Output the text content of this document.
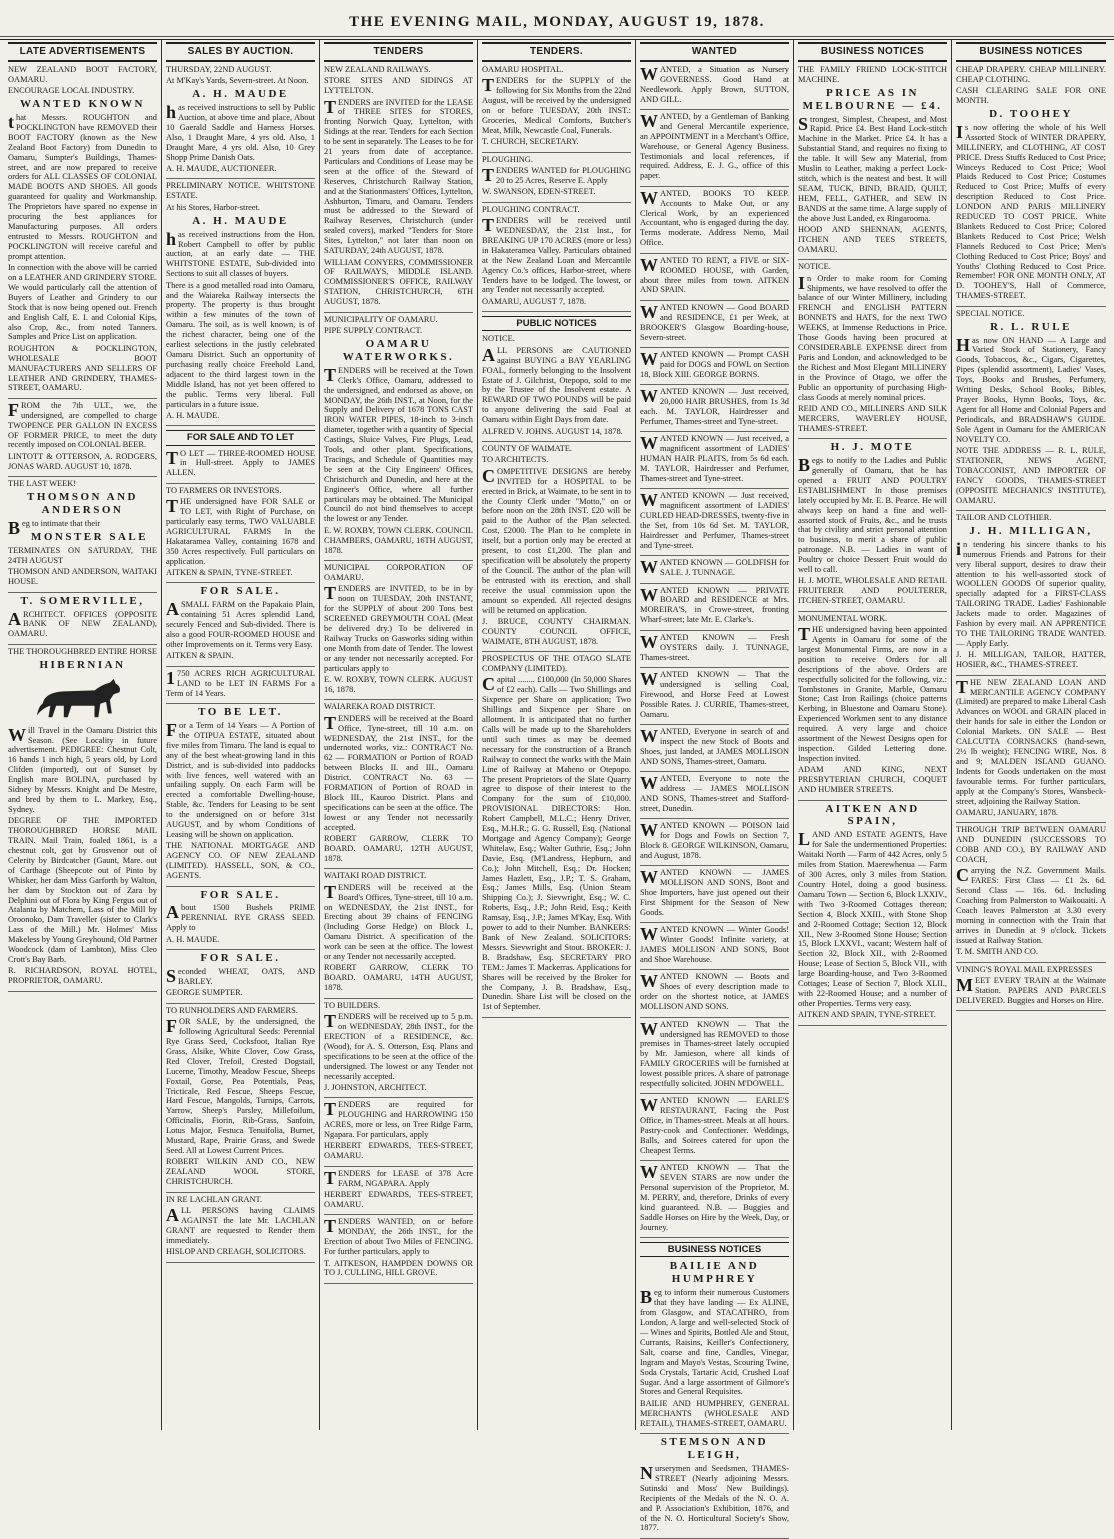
THE EVENING MAIL, MONDAY, AUGUST 19, 1878.
LATE ADVERTISEMENTS

NEW ZEALAND BOOT FACTORY, OAMARU.

ENCOURAGE LOCAL INDUSTRY.

WANTED KNOWN

that Messrs. ROUGHTON and POCKLINGTON have REMOVED their BOOT FACTORY (known as the New Zealand Boot Factory) from Dunedin to Oamaru, Sumpter's Buildings, Thames-street, and are now prepared to receive orders for ALL CLASSES OF COLONIAL MADE BOOTS AND SHOES. All goods guaranteed for quality and Workmanship. The Proprietors have spared no expense in procuring the best appliances for Manufacturing purposes. All orders entrusted to Messrs. ROUGHTON and POCKLINGTON will receive careful and prompt attention.

In connection with the above will be carried on a LEATHER AND GRINDERY STORE. We would particularly call the attention of Buyers of Leather and Grindery to our Stock that is now being opened out. French and English Calf, E. I. and Colonial Kips, also Crop, &c., from noted Tanners. Samples and Price List on application.

ROUGHTON & POCKLINGTON, WHOLESALE BOOT MANUFACTURERS AND SELLERS OF LEATHER AND GRINDERY, THAMES-STREET, OAMARU.

FROM the 7th ULT., we, the undersigned, are compelled to charge TWOPENCE PER GALLON IN EXCESS OF FORMER PRICE, to meet the duty recently imposed on COLONIAL BEER.

LINTOTT & OTTERSON, A. RODGERS, JONAS WARD. AUGUST 10, 1878.

THE LAST WEEK!

THOMSON AND ANDERSON

Beg to intimate that their

MONSTER SALE

TERMINATES ON SATURDAY, THE 24TH AUGUST

THOMSON AND ANDERSON, WAITAKI HOUSE.

T. SOMERVILLE,

ARCHITECT. OFFICES (OPPOSITE BANK OF NEW ZEALAND), OAMARU.

THE THOROUGHBRED ENTIRE HORSE

HIBERNIAN

Will Travel in the Oamaru District this Season. (See Locality in future advertisement. PEDIGREE: Chestnut Colt, 16 hands 1 inch high, 5 years old, by Lord Clifden (imported), out of Sunset by English mare BOLINA, purchased by Sidney by Messrs. Knight and De Mestre, and bred by them to L. Markey, Esq., Sydney.

DEGREE OF THE IMPORTED THOROUGHBRED HORSE MAIL TRAIN. Mail Train, foaled 1861, is a chestnut colt, got by Grosvenor out of Celerity by Birdcatcher (Gaunt, Mare. out of Carthage (Sheepcote out of Pinto by Whisker, her dam Miss Garforth by Walton, her dam by Stockton out of Zara by Delphini out of Flora by King Fergus out of Atalanta by Matchem, Lass of the Mill by Oroonoko, Dam Traveller (sister to Clark's Lass of the Mill.) Mr. Holmes' Miss Makeless by Young Greyhound, Old Partner Woodcock (dam of Lambton), Miss Cleo Crott's Bay Barb.

R. RICHARDSON, ROYAL HOTEL, PROPRIETOR, OAMARU.

SALES BY AUCTION.

THURSDAY, 22ND AUGUST.

At M'Kay's Yards, Severn-street. At Noon.

A. H. MAUDE

has received instructions to sell by Public Auction, at above time and place, About 10 Gaerald Saddle and Harness Horses. Also, 1 Draught Mare, 4 yrs old. Also, 1 Draught Mare, 4 yrs old. Also, 10 Grey Shopp Prime Danish Oats.

A. H. MAUDE, AUCTIONEER.

PRELIMINARY NOTICE. WHITSTONE ESTATE.

At his Stores, Harbor-street.

A. H. MAUDE

has received instructions from the Hon. Robert Campbell to offer by public auction, at an early date — THE WHITSTONE ESTATE, Sub-divided into Sections to suit all classes of buyers.

There is a good metalled road into Oamaru, and the Waiareka Railway intersects the property. The property is thus brought within a few minutes of the town of Oamaru. The soil, as is well known, is of the richest character, being one of the earliest selections in the justly celebrated Oamaru District. Such an opportunity of purchasing really choice Freehold Land, adjacent to the third largest town in the Middle Island, has not yet been offered to the public. Terms very liberal. Full particulars in a future issue.

A. H. MAUDE.

FOR SALE AND TO LET

TO LET — THREE-ROOMED HOUSE in Hull-street. Apply to JAMES ALLEN.

TO FARMERS OR INVESTORS.

THE undersigned have FOR SALE or TO LET, with Right of Purchase, on particularly easy terms, TWO VALUABLE AGRICULTURAL FARMS In the Hakataramea Valley, containing 1678 and 350 Acres respectively. Full particulars on application.

AITKEN & SPAIN, TYNE-STREET.

FOR SALE.

ASMALL FARM on the Papakaio Plain, containing 51 Acres splendid Land, securely Fenced and Sub-divided. There is also a good FOUR-ROOMED HOUSE and other Improvements on it. Terms very Easy.

AITKEN & SPAIN.

1750 ACRES RICH AGRICULTURAL LAND to be LET IN FARMS For a Term of 14 Years.

TO BE LET.

For a Term of 14 Years — A Portion of the OTIPUA ESTATE, situated about five miles from Timaru. The land is equal to any of the best wheat-growing land in this District, and is sub-divided into paddocks with live fences, well watered with an unfailing supply. On each Farm will be erected a comfortable Dwelling-house, Stable, &c. Tenders for Leasing to be sent to the undersigned on or before 31st AUGUST, and by whom Conditions of Leasing will be shown on application.

THE NATIONAL MORTGAGE AND AGENCY CO. OF NEW ZEALAND (LIMITED). HASSELL, SON, & CO., AGENTS.

FOR SALE.

About 1500 Bushels PRIME PERENNIAL RYE GRASS SEED. Apply to

A. H. MAUDE.

FOR SALE.

Seconded WHEAT, OATS, AND BARLEY.

GEORGE SUMPTER.

TO RUNHOLDERS AND FARMERS.

FOR SALE, by the undersigned, the following Agricultural Seeds: Perennial Rye Grass Seed, Cocksfoot, Italian Rye Grass, Alsike, White Clover, Cow Grass, Red Clover, Trefoil, Crested Dogstail, Lucerne, Timothy, Meadow Fescue, Sheeps Foxtail, Gorse, Pea Potentials, Peas, Tricticale, Red Fescue, Sheeps Fescue, Hard Fescue, Mangolds, Turnips, Carrots, Yarrow, Sheep's Parsley, Millefoilum, Officinalis, Fiorin, Rib-Grass, Sanfoin, Lotus Major, Festuca Tenuifolia, Burnet, Mustard, Rape, Prairie Grass, and Swede Seed. All at Lowest Current Prices.

ROBERT WILKIN AND CO., NEW ZEALAND WOOL STORE, CHRISTCHURCH.

IN RE LACHLAN GRANT.

ALL PERSONS having CLAIMS AGAINST the late Mr. LACHLAN GRANT are requested to Render them immediately.

HISLOP AND CREAGH, SOLICITORS.

TENDERS

NEW ZEALAND RAILWAYS.

STORE SITES AND SIDINGS AT LYTTELTON.

TENDERS are INVITED for the LEASE of THREE SITES for STORES, fronting Norwich Quay, Lyttelton, with Sidings at the rear. Tenders for each Section to be sent in separately. The Leases to be for 21 years from date of acceptance. Particulars and Conditions of Lease may be seen at the office of the Steward of Reserves, Christchurch Railway Station, and at the Stationmasters' Offices, Lyttelton, Ashburton, Timaru, and Oamaru. Tenders must be addressed to the Steward of Railway Reserves, Christchurch (under sealed covers), marked "Tenders for Store Sites, Lyttelton," not later than noon on SATURDAY, 24th AUGUST, 1878.

WILLIAM CONYERS, COMMISSIONER OF RAILWAYS, MIDDLE ISLAND. COMMISSIONER'S OFFICE, RAILWAY STATION, CHRISTCHURCH, 6TH AUGUST, 1878.

MUNICIPALITY OF OAMARU.

PIPE SUPPLY CONTRACT.

OAMARU WATERWORKS.

TENDERS will be received at the Town Clerk's Office, Oamaru, addressed to the undersigned, and endorsed as above, on MONDAY, the 26th INST., at Noon, for the Supply and Delivery of 1678 TONS CAST IRON WATER PIPES, 18-inch to 3-inch diameter, together with a quantity of Special Castings, Sluice Valves, Fire Plugs, Lead, Tools, and other plant. Specifications, Tracings, and Schedule of Quantities may be seen at the City Engineers' Offices, Christchurch and Dunedin, and here at the Engineer's Office, where all further particulars may be obtained. The Municipal Council do not bind themselves to accept the lowest or any Tender.

E. W. ROXBY, TOWN CLERK. COUNCIL CHAMBERS, OAMARU, 16TH AUGUST, 1878.

MUNICIPAL CORPORATION OF OAMARU.

TENDERS are INVITED, to be in by noon on TUESDAY, 20th INSTANT, for the SUPPLY of about 200 Tons best SCREENED GREYMOUTH COAL (Meat be delivered dry.) To be delivered in Railway Trucks on Gasworks siding within one Month from date of Tender. The lowest or any tender not necessarily accepted. For particulars apply to

E. W. ROXBY, TOWN CLERK. AUGUST 16, 1878.

WAIAREKA ROAD DISTRICT.

TENDERS will be received at the Board Office, Tyne-street, till 10 a.m. on WEDNESDAY, the 21st INST., for the undernoted works, viz.: CONTRACT No. 62 — FORMATION or Portion of ROAD between Blocks II. and III., Oamaru District. CONTRACT No. 63 — FORMATION of Portion of ROAD in Block III., Kauroo District. Plans and specifications can be seen at the office. The lowest or any Tender not necessarily accepted.

ROBERT GARROW, CLERK TO BOARD. OAMARU, 12TH AUGUST, 1878.

WAITAKI ROAD DISTRICT.

TENDERS will be received at the Board's Offices, Tyne-street, till 10 a.m. on WEDNESDAY, the 21st INST., for Erecting about 39 chains of FENCING (Including Gorse Hedge) on Block I., Oamaru District. A specification of the work can be seen at the office. The lowest or any Tender not necessarily accepted.

ROBERT GARROW, CLERK TO BOARD. OAMARU, 14TH AUGUST, 1878.

TO BUILDERS.

TENDERS will be received up to 5 p.m. on WEDNESDAY, 28th INST., for the ERECTION of a RESIDENCE, &c. (Wood), for A. S. Otterson, Esq. Plans and specifications to be seen at the office of the undersigned. The lowest or any Tender not necessarily accepted.

J. JOHNSTON, ARCHITECT.

TENDERS are required for PLOUGHING and HARROWING 150 ACRES, more or less, on Tree Ridge Farm, Ngapara. For particulars, apply

HERBERT EDWARDS, TEES-STREET, OAMARU.

TENDERS for LEASE of 378 Acre FARM, NGAPARA. Apply

HERBERT EDWARDS, TEES-STREET, OAMARU.

TENDERS WANTED, on or before MONDAY, the 26th INST., for the Erection of about Two Miles of FENCING. For further particulars, apply to

T. AITKESON, HAMPDEN DOWNS OR TO J. CULLING, HILL GROVE.

TENDERS.

OAMARU HOSPITAL.

TENDERS for the SUPPLY of the following for Six Months from the 22nd August, will be received by the undersigned on or before TUESDAY, 20th INST.: Groceries, Medical Comforts, Butcher's Meat, Milk, Newcastle Coal, Funerals.

T. CHURCH, SECRETARY.

PLOUGHING.

TENDERS WANTED for PLOUGHING 20 to 25 Acres, Reserve E. Apply

W. SWANSON, EDEN-STREET.

PLOUGHING CONTRACT.

TENDERS will be received until WEDNESDAY, the 21st Inst., for BREAKING UP 170 ACRES (more or less) in Hakateramea Valley. Particulars obtained at the New Zealand Loan and Mercantile Agency Co.'s offices, Harbor-street, where Tenders have to be lodged. The lowest, or any Tender not necessarily accepted.

OAMARU, AUGUST 7, 1878.

PUBLIC NOTICES

NOTICE.

ALL PERSONS are CAUTIONED against BUYING a BAY YEARLING FOAL, formerly belonging to the Insolvent Estate of J. Gilchrist, Otepopo, sold to me by the Trustee of the Insolvent estate. A REWARD OF TWO POUNDS will be paid to anyone delivering the said Foal at Oamaru within Eight Days from date.

ALFRED V. JOHNS. AUGUST 14, 1878.

COUNTY OF WAIMATE.

TO ARCHITECTS.

COMPETITIVE DESIGNS are hereby INVITED for a HOSPITAL to be erected in Brick, at Waimate, to be sent in to the County Clerk under "Motto," on or before noon on the 28th INST. £20 will be paid to the Author of the Plan selected. Cost, £2000. The Plan to be complete in itself, but a portion only may be erected at present, to cost £1,200. The plan and specification will be absolutely the property of the Council. The author of the plan will be entrusted with its erection, and shall receive the usual commission upon the amount so expended. All rejected designs will be returned on application.

J. BRUCE, COUNTY CHAIRMAN. COUNTY COUNCIL OFFICE, WAIMATE, 8TH AUGUST, 1878.

PROSPECTUS OF THE OTAGO SLATE COMPANY (LIMITED).

Capital ........ £100,000 (In 50,000 Shares of £2 each). Calls — Two Shillings and Sixpence per Share on application; Two Shillings and Sixpence per Share on allotment. It is anticipated that no further Calls will be made up to the Shareholders until such times as may be deemed necessary for the construction of a Branch Railway to connect the works with the Main Line of Railway at Maheno or Otepopo. The present Proprietors of the Slate Quarry agree to dispose of their interest to the Company for the sum of £10,000. PROVISIONAL DIRECTORS: Hon. Robert Campbell, M.L.C.; Henry Driver, Esq., M.H.R.; G. G. Russell, Esq. (National Mortgage and Agency Company); George Whitelaw, Esq.; Walter Guthrie, Esq.; John Davie, Esq. (M'Landress, Hepburn, and Co.); John Mitchell, Esq.; Dr. Hocken; James Hazlett, Esq., J.P.; T. S. Graham, Esq.; James Mills, Esq. (Union Steam Shipping Co.); J. Sievwright, Esq.; W. C. Roberts, Esq., J.P.; John Reid, Esq.; Keith Ramsay, Esq., J.P.; James M'Kay, Esq. With power to add to their Number. BANKERS: Bank of New Zealand. SOLICITORS: Messrs. Sievwright and Stout. BROKER: J. B. Bradshaw, Esq. SECRETARY PRO TEM.: James T. Mackerras. Applications for Shares will be received by the Broker for the Company, J. B. Bradshaw, Esq., Dunedin. Share List will be closed on the 1st of September.

WANTED

WANTED, a Situation as Nursery GOVERNESS. Good Hand at Needlework. Apply Brown, SUTTON, AND GILL.

WANTED, by a Gentleman of Banking and General Mercantile experience, an APPOINTMENT in a Merchant's Office, Warehouse, or General Agency Business. Testimonials and local references, if required. Address, E. J. G., office of this paper.

WANTED, BOOKS TO KEEP. Accounts to Make Out, or any Clerical Work, by an experienced Accountant, who is engaged during the day. Terms moderate. Address Nemo, Mail Office.

WANTED TO RENT, a FIVE or SIX-ROOMED HOUSE, with Garden, about three miles from town. AITKEN AND SPAIN.

WANTED KNOWN — Good BOARD and RESIDENCE, £1 per Week, at BROOKER'S Glasgow Boarding-house, Severn-street.

WANTED KNOWN — Prompt CASH paid for DOGS and FOWL on Section 18, Block XIII. GEORGE BORNS.

WANTED KNOWN — Just received, 20,000 HAIR BRUSHES, from 1s 3d each. M. TAYLOR, Hairdresser and Perfumer, Thames-street and Tyne-street.

WANTED KNOWN — Just received, a magnificent assortment of LADIES' HUMAN HAIR PLAITS, from 5s 6d each. M. TAYLOR, Hairdresser and Perfumer, Thames-street and Tyne-street.

WANTED KNOWN — Just received, magnificent assortment of LADIES' CURLED HEAD-DRESSES, twenty-five in the Set, from 10s 6d Set. M. TAYLOR, Hairdresser and Perfumer, Thames-street and Tyne-street.

WANTED KNOWN — GOLDFISH for SALE. J. TUNNAGE.

WANTED KNOWN — PRIVATE BOARD and RESIDENCE at Mrs. MOREIRA'S, in Crowe-street, fronting Wharf-street; late Mr. E. Clarke's.

WANTED KNOWN — Fresh OYSTERS daily. J. TUNNAGE, Thames-street.

WANTED KNOWN — That the undersigned is selling Coal, Firewood, and Horse Feed at Lowest Possible Rates. J. CURRIE, Thames-street, Oamaru.

WANTED, Everyone in search of and inspect the new Stock of Boots and Shoes, just landed, at JAMES MOLLISON AND SONS, Thames-street, Oamaru.

WANTED, Everyone to note the address — JAMES MOLLISON AND SONS, Thames-street and Stafford-street, Dunedin.

WANTED KNOWN — POISON laid for Dogs and Fowls on Section 7, Block 8. GEORGE WILKINSON, Oamaru, and August, 1878.

WANTED KNOWN — JAMES MOLLISON AND SONS, Boot and Shoe Importers, have just opened out their First Shipment for the Season of New Goods.

WANTED KNOWN — Winter Goods! Winter Goods! Infinite variety, at JAMES MOLLISON AND SONS, Boot and Shoe Warehouse.

WANTED KNOWN — Boots and Shoes of every description made to order on the shortest notice, at JAMES MOLLISON AND SONS.

WANTED KNOWN — That the undersigned has REMOVED to those premises in Thames-street lately occupied by Mr. Jamieson, where all kinds of FAMILY GROCERIES will be furnished at lowest possible prices. A share of patronage respectfully solicited. JOHN M'DOWELL.

WANTED KNOWN — EARLE'S RESTAURANT, Facing the Post Office, in Thames-street. Meals at all hours. Pastry-cook and Confectioner. Weddings, Balls, and Soirees catered for upon the Cheapest Terms.

WANTED KNOWN — That the SEVEN STARS are now under the Personal supervision of the Proprietor, M. M. PERRY, and, therefore, Drinks of every kind guaranteed. N.B. — Buggies and Saddle Horses on Hire by the Week, Day, or Journey.

BUSINESS NOTICES
BAILIE AND HUMPHREY

Beg to inform their numerous Customers that they have landing — Ex ALINE, from Glasgow, and STACATHRO, from London, A large and well-selected Stock of — Wines and Spirits, Bottled Ale and Stout, Currants, Raisins, Keiller's Confectionery, Salt, coarse and fine, Candles, Vinegar, Ingram and Mayo's Vestas, Scouring Twine, Soda Crystals, Tartaric Acid, Crushed Loaf Sugar. And a large assortment of Gilmore's Stores and General Requisites.

BAILIE AND HUMPHREY, GENERAL MERCHANTS (WHOLESALE AND RETAIL), THAMES-STREET, OAMARU.

STEMSON AND LEIGH,

Nurserymen and Seedsmen, THAMES-STREET (Nearly adjoining Messrs. Sutinski and Moss' New Buildings). Recipients of the Medals of the N. O. A. and P. Association's Exhibition, 1876, and of the N. O. Horticultural Society's Show, 1877.

BUSINESS NOTICES

THE FAMILY FRIEND LOCK-STITCH MACHINE.

PRICE AS IN MELBOURNE — £4.

Strongest, Simplest, Cheapest, and Most Rapid. Price £4. Best Hand Lock-stitch Machine in the Market. Price £4. It has a Substantial Stand, and requires no fixing to the table. It will Sew any Material, from Muslin to Leather, making a perfect Lock-stitch, which is the neatest and best. It will SEAM, TUCK, BIND, BRAID, QUILT, HEM, FELL, GATHER, and SEW IN BANDS at the same time. A large supply of the above Just Landed, ex Ringarooma.

HOOD AND SHENNAN, AGENTS, ITCHEN AND TEES STREETS, OAMARU.

NOTICE.

In Order to make room for Coming Shipments, we have resolved to offer the balance of our Winter Millinery, including FRENCH and ENGLISH PATTERN BONNETS and HATS, for the next TWO WEEKS, at Immense Reductions in Price. Those Goods having been procured at CONSIDERABLE EXPENSE direct from Paris and London, and acknowledged to be the Richest and Most Elegant MILLINERY in the Province of Otago, we offer the Public an opportunity of purchasing High-class Goods at merely nominal prices.

REID AND CO., MILLINERS AND SILK MERCERS, WAVERLEY HOUSE, THAMES-STREET.

H. J. MOTE

Begs to notify to the Ladies and Public generally of Oamaru, that he has opened a FRUIT AND POULTRY ESTABLISHMENT In those premises lately occupied by Mr. E. B. Pearce. He will always keep on hand a fine and well-assorted stock of Fruits, &c., and he trusts that by civility and strict personal attention to business, to merit a share of public patronage. N.B. — Ladies in want of Poultry or choice Dessert Fruit would do well to call.

H. J. MOTE, WHOLESALE AND RETAIL FRUITERER AND POULTERER, ITCHEN-STREET, OAMARU.

MONUMENTAL WORK.

THE undersigned having been appointed Agents in Oamaru for some of the largest Monumental Firms, are now in a position to receive Orders for all descriptions of the above. Orders are respectfully solicited for the following, viz.: Tombstones in Granite, Marble, Oamaru Stone; Cast Iron Railings (choice patterns Kerbing, in Bluestone and Oamaru Stone). Experienced Workmen sent to any distance required. A very large and choice assortment of the Newest Designs open for inspection. Gilded Lettering done. Inspection invited.

ADAM AND KING, NEXT PRESBYTERIAN CHURCH, COQUET AND HUMBER STREETS.

AITKEN AND SPAIN,

LAND AND ESTATE AGENTS, Have for Sale the undermentioned Properties: Waitaki North — Farm of 442 Acres, only 5 miles from Station. Maerewhenua — Farm of 300 Acres, only 3 miles from Station. Country Hotel, doing a good business. Oamaru Town — Section 6, Block LXXIV., with Two 3-Roomed Cottages thereon; Section 4, Block XXIII., with Stone Shop and 2-Roomed Cottage; Section 12, Block XII., New 3-Roomed Stone House; Section 15, Block LXXVI., vacant; Western half of Section 32, Block XII., with 2-Roomed House; Lease of Section 5, Block VII., with large Boarding-house, and Two 3-Roomed Cottages; Lease of Section 7, Block XLII., with 22-Roomed House; and a number of other Properties. Terms very easy.

AITKEN AND SPAIN, TYNE-STREET.

BUSINESS NOTICES

CHEAP DRAPERY. CHEAP MILLINERY. CHEAP CLOTHING.

CASH CLEARING SALE FOR ONE MONTH.

D. TOOHEY

Is now offering the whole of his Well Assorted Stock of WINTER DRAPERY, MILLINERY, and CLOTHING, AT COST PRICE. Dress Stuffs Reduced to Cost Price; Winceys Reduced to Cost Price; Wool Plaids Reduced to Cost Price; Costumes Reduced to Cost Price; Muffs of every description Reduced to Cost Price. LONDON AND PARIS MILLINERY REDUCED TO COST PRICE. White Blankets Reduced to Cost Price; Colored Blankets Reduced to Cost Price; Welsh Flannels Reduced to Cost Price; Men's Clothing Reduced to Cost Price; Boys' and Youths' Clothing Reduced to Cost Price. Remember! FOR ONE MONTH ONLY, AT D. TOOHEY'S, Hall of Commerce, THAMES-STREET.

SPECIAL NOTICE.

R. L. RULE

Has now ON HAND — A Large and Varied Stock of Stationery, Fancy Goods, Tobaccos, &c., Cigars, Cigarettes, Pipes (splendid assortment), Ladies' Vases, Toys, Books and Brushes, Perfumery, Writing Desks, School Books, Bibles, Prayer Books, Hymn Books, Toys, &c. Agent for all Home and Colonial Papers and Periodicals, and BRADSHAW'S GUIDE. Sole Agent in Oamaru for the AMERICAN NOVELTY CO.

NOTE THE ADDRESS — R. L. RULE, STATIONER, NEWS AGENT, TOBACCONIST, AND IMPORTER OF FANCY GOODS, THAMES-STREET (OPPOSITE MECHANICS' INSTITUTE), OAMARU.

TAILOR AND CLOTHIER.

J. H. MILLIGAN,

in tendering his sincere thanks to his numerous Friends and Patrons for their very liberal support, desires to draw their attention to his well-assorted stock of WOOLLEN GOODS Of superior quality, specially adapted for a FIRST-CLASS TAILORING TRADE. Ladies' Fashionable Jackets made to order. Magazines of Fashion by every mail. AN APPRENTICE TO THE TAILORING TRADE WANTED. — Apply Early.

J. H. MILLIGAN, TAILOR, HATTER, HOSIER, &C., THAMES-STREET.

THE NEW ZEALAND LOAN AND MERCANTILE AGENCY COMPANY (Limited) are prepared to make Liberal Cash Advances on WOOL and GRAIN placed in their hands for sale in either the London or Colonial Markets. ON SALE — Best CALCUTTA CORNSACKS (hand-sewn, 2½ lb weight); FENCING WIRE, Nos. 8 and 9; MALDEN ISLAND GUANO. Indents for Goods undertaken on the most favourable terms. For further particulars, apply at the Company's Stores, Wansbeck-street, adjoining the Railway Station.

OAMARU, JANUARY, 1878.

THROUGH TRIP BETWEEN OAMARU AND DUNEDIN (SUCCESSORS TO COBB AND CO.), BY RAILWAY AND COACH,

Carrying the N.Z. Government Mails. FARES: First Class — £1 2s. 6d. Second Class — 16s. 6d. Including Coaching from Palmerston to Waikouaiti. A Coach leaves Palmerston at 3.30 every morning in connection with the Train that arrives in Dunedin at 9 o'clock. Tickets issued at Railway Station.

T. M. SMITH AND CO.

VINING'S ROYAL MAIL EXPRESSES

MEET EVERY TRAIN at the Waimate Station. PAPERS AND PARCELS DELIVERED. Buggies and Horses on Hire.
